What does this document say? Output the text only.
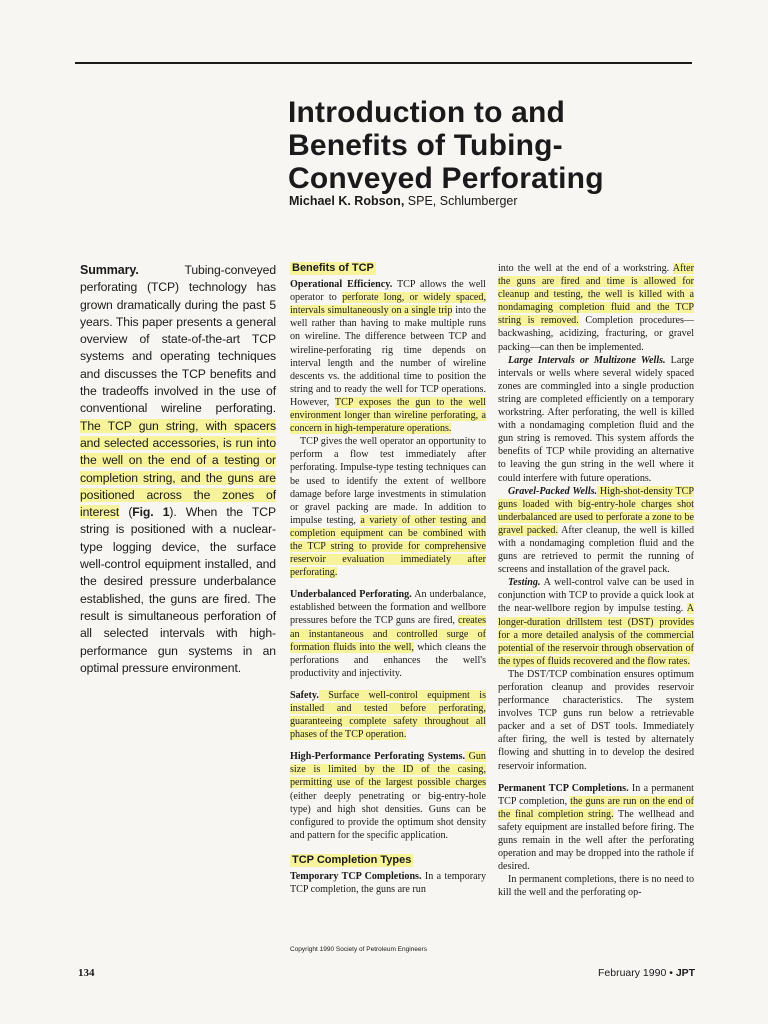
Introduction to and
Benefits of Tubing-
Conveyed Perforating
Michael K. Robson, SPE, Schlumberger
Summary. Tubing-conveyed perforating (TCP) technology has grown dramatically during the past 5 years. This paper presents a general overview of state-of-the-art TCP systems and operating techniques and discusses the TCP benefits and the tradeoffs involved in the use of conventional wireline perforating. The TCP gun string, with spacers and selected accessories, is run into the well on the end of a testing or completion string, and the guns are positioned across the zones of interest (Fig. 1). When the TCP string is positioned with a nuclear-type logging device, the surface well-control equipment installed, and the desired pressure underbalance established, the guns are fired. The result is simultaneous perforation of all selected intervals with high-performance gun systems in an optimal pressure environment.
Benefits of TCP

Operational Efficiency. TCP allows the well operator to perforate long, or widely spaced, intervals simultaneously on a single trip into the well rather than having to make multiple runs on wireline. The difference between TCP and wireline-perforating rig time depends on interval length and the number of wireline descents vs. the additional time to position the string and to ready the well for TCP operations. However, TCP exposes the gun to the well environment longer than wireline perforating, a concern in high-temperature operations.

TCP gives the well operator an opportunity to perform a flow test immediately after perforating. Impulse-type testing techniques can be used to identify the extent of wellbore damage before large investments in stimulation or gravel packing are made. In addition to impulse testing, a variety of other testing and completion equipment can be combined with the TCP string to provide for comprehensive reservoir evaluation immediately after perforating.

Underbalanced Perforating. An underbalance, established between the formation and wellbore pressures before the TCP guns are fired, creates an instantaneous and controlled surge of formation fluids into the well, which cleans the perforations and enhances the well's productivity and injectivity.

Safety. Surface well-control equipment is installed and tested before perforating, guaranteeing complete safety throughout all phases of the TCP operation.

High-Performance Perforating Systems. Gun size is limited by the ID of the casing, permitting use of the largest possible charges (either deeply penetrating or big-entry-hole type) and high shot densities. Guns can be configured to provide the optimum shot density and pattern for the specific application.

TCP Completion Types

Temporary TCP Completions. In a temporary TCP completion, the guns are run

into the well at the end of a workstring. After the guns are fired and time is allowed for cleanup and testing, the well is killed with a nondamaging completion fluid and the TCP string is removed. Completion procedures—backwashing, acidizing, fracturing, or gravel packing—can then be implemented.

Large Intervals or Multizone Wells. Large intervals or wells where several widely spaced zones are commingled into a single production string are completed efficiently on a temporary workstring. After perforating, the well is killed with a nondamaging completion fluid and the gun string is removed. This system affords the benefits of TCP while providing an alternative to leaving the gun string in the well where it could interfere with future operations.

Gravel-Packed Wells. High-shot-density TCP guns loaded with big-entry-hole charges shot underbalanced are used to perforate a zone to be gravel packed. After cleanup, the well is killed with a nondamaging completion fluid and the guns are retrieved to permit the running of screens and installation of the gravel pack.

Testing. A well-control valve can be used in conjunction with TCP to provide a quick look at the near-wellbore region by impulse testing. A longer-duration drillstem test (DST) provides for a more detailed analysis of the commercial potential of the reservoir through observation of the types of fluids recovered and the flow rates.

The DST/TCP combination ensures optimum perforation cleanup and provides reservoir performance characteristics. The system involves TCP guns run below a retrievable packer and a set of DST tools. Immediately after firing, the well is tested by alternately flowing and shutting in to develop the desired reservoir information.

Permanent TCP Completions. In a permanent TCP completion, the guns are run on the end of the final completion string. The wellhead and safety equipment are installed before firing. The guns remain in the well after the perforating operation and may be dropped into the rathole if desired.

In permanent completions, there is no need to kill the well and the perforating op-

Copyright 1990 Society of Petroleum Engineers
134	February 1990 • JPT
